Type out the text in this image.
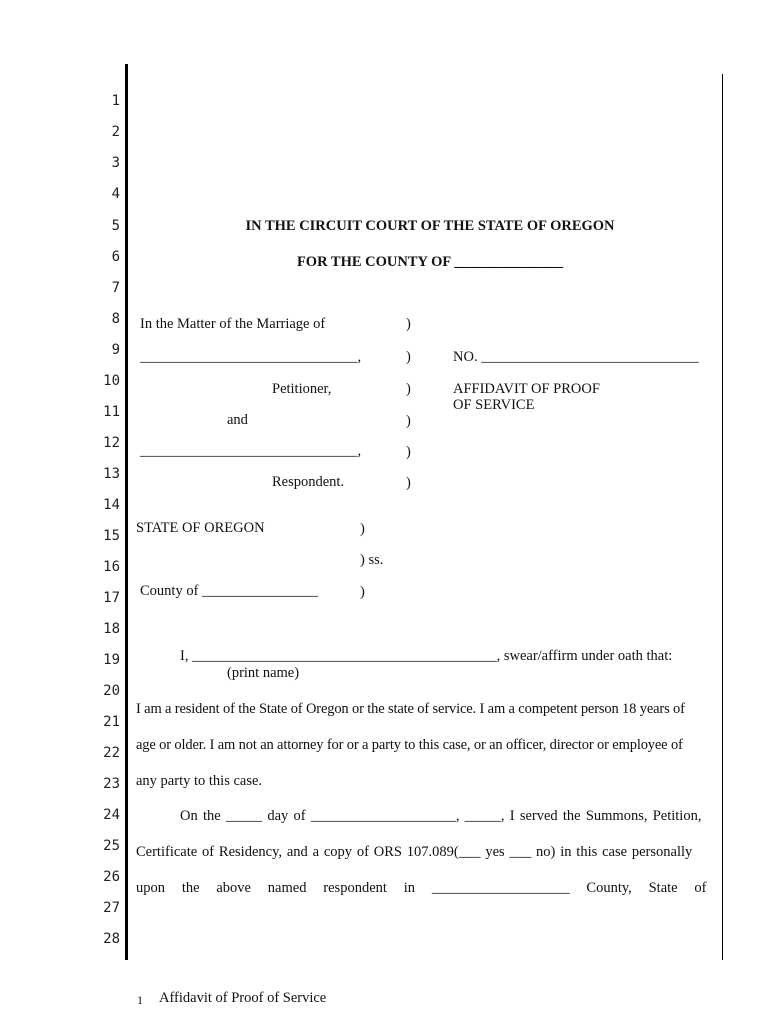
1
2
3
4
5
6
7
8
9
10
11
12
13
14
15
16
17
18
19
20
21
22
23
24
25
26
27
28
IN THE CIRCUIT COURT OF THE STATE OF OREGON
FOR THE COUNTY OF _______________
In the Matter of the Marriage of	)
______________________________,	)	NO. ______________________________
Petitioner,	)	AFFIDAVIT OF PROOF
OF SERVICE
and	)
______________________________,	)
Respondent.	)
STATE OF OREGON	)
) ss.
County of ________________	)
I, __________________________________________, swear/affirm under oath that:
(print name)
I am a resident of the State of Oregon or the state of service. I am a competent person 18 years of
age or older. I am not an attorney for or a party to this case, or an officer, director or employee of
any party to this case.
On the _____ day of ____________________, _____, I served the Summons, Petition,
Certificate of Residency, and a copy of ORS 107.089(___ yes ___ no) in this case personally
upon the above named respondent in ___________________ County, State of
1 Affidavit of Proof of Service
